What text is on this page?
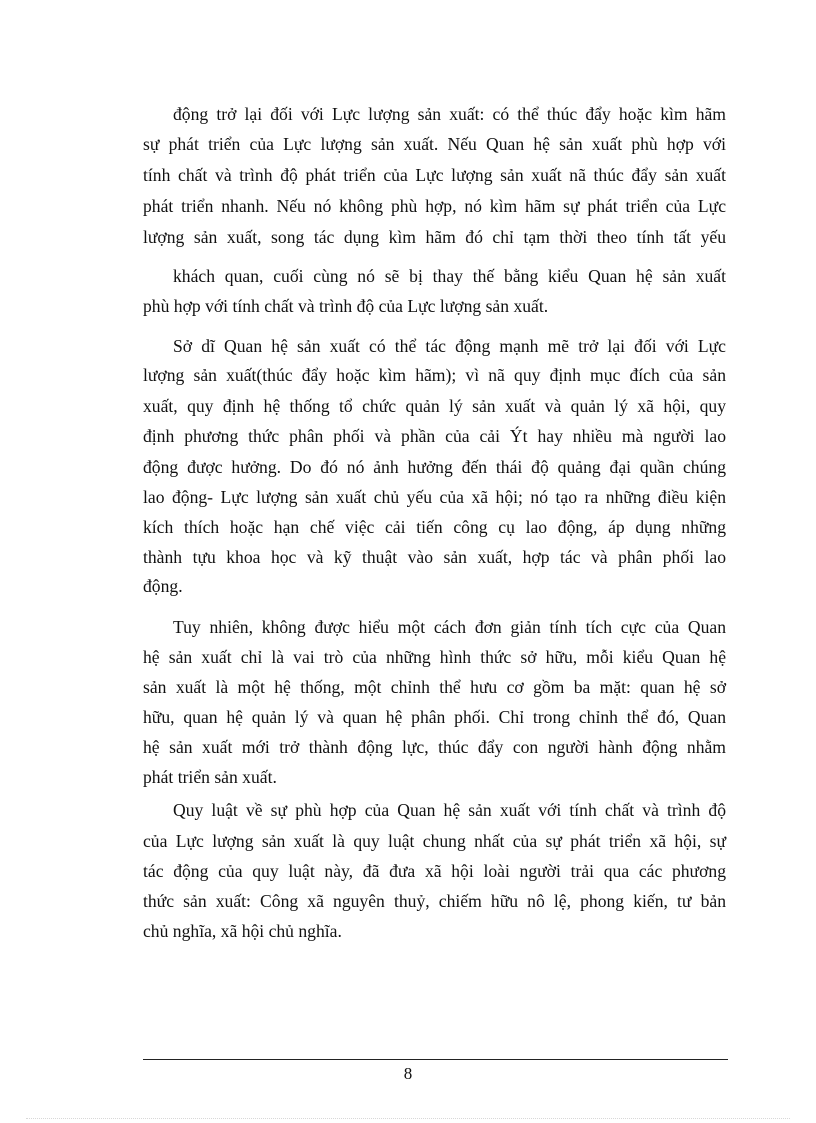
động trở lại đối với Lực lượng sản xuất: có thể thúc đẩy hoặc kìm hãm

sự phát triển của Lực lượng sản xuất. Nếu Quan hệ sản xuất phù hợp với

tính chất và trình độ phát triển của Lực lượng sản xuất nã thúc đẩy sản xuất

phát triển nhanh. Nếu nó không phù hợp, nó kìm hãm sự phát triển của Lực

lượng sản xuất, song tác dụng kìm hãm đó chỉ tạm thời theo tính tất yếu

khách quan, cuối cùng nó sẽ bị thay thế bằng kiểu Quan hệ sản xuất

phù hợp với tính chất và trình độ của Lực lượng sản xuất.

Sở dĩ Quan hệ sản xuất có thể tác động mạnh mẽ trở lại đối với Lực

lượng sản xuất(thúc đẩy hoặc kìm hãm); vì nã quy định mục đích của sản

xuất, quy định hệ thống tổ chức quản lý sản xuất và quản lý xã hội, quy

định phương thức phân phối và phần của cải Ýt hay nhiều mà người lao

động được hưởng. Do đó nó ảnh hưởng đến thái độ quảng đại quần chúng

lao động- Lực lượng sản xuất chủ yếu của xã hội; nó tạo ra những điều kiện

kích thích hoặc hạn chế việc cải tiến công cụ lao động, áp dụng những

thành tựu khoa học và kỹ thuật vào sản xuất, hợp tác và phân phối lao

động.

Tuy nhiên, không được hiểu một cách đơn giản tính tích cực của Quan

hệ sản xuất chỉ là vai trò của những hình thức sở hữu, mỗi kiểu Quan hệ

sản xuất là một hệ thống, một chỉnh thể hưu cơ gồm ba mặt: quan hệ sở

hữu, quan hệ quản lý và quan hệ phân phối. Chỉ trong chỉnh thể đó, Quan

hệ sản xuất mới trở thành động lực, thúc đẩy con người hành động nhằm

phát triển sản xuất.

Quy luật về sự phù hợp của Quan hệ sản xuất với tính chất và trình độ

của Lực lượng sản xuất là quy luật chung nhất của sự phát triển xã hội, sự

tác động của quy luật này, đã đưa xã hội loài người trải qua các phương

thức sản xuất: Công xã nguyên thuỷ, chiếm hữu nô lệ, phong kiến, tư bản

chủ nghĩa, xã hội chủ nghĩa.

8
